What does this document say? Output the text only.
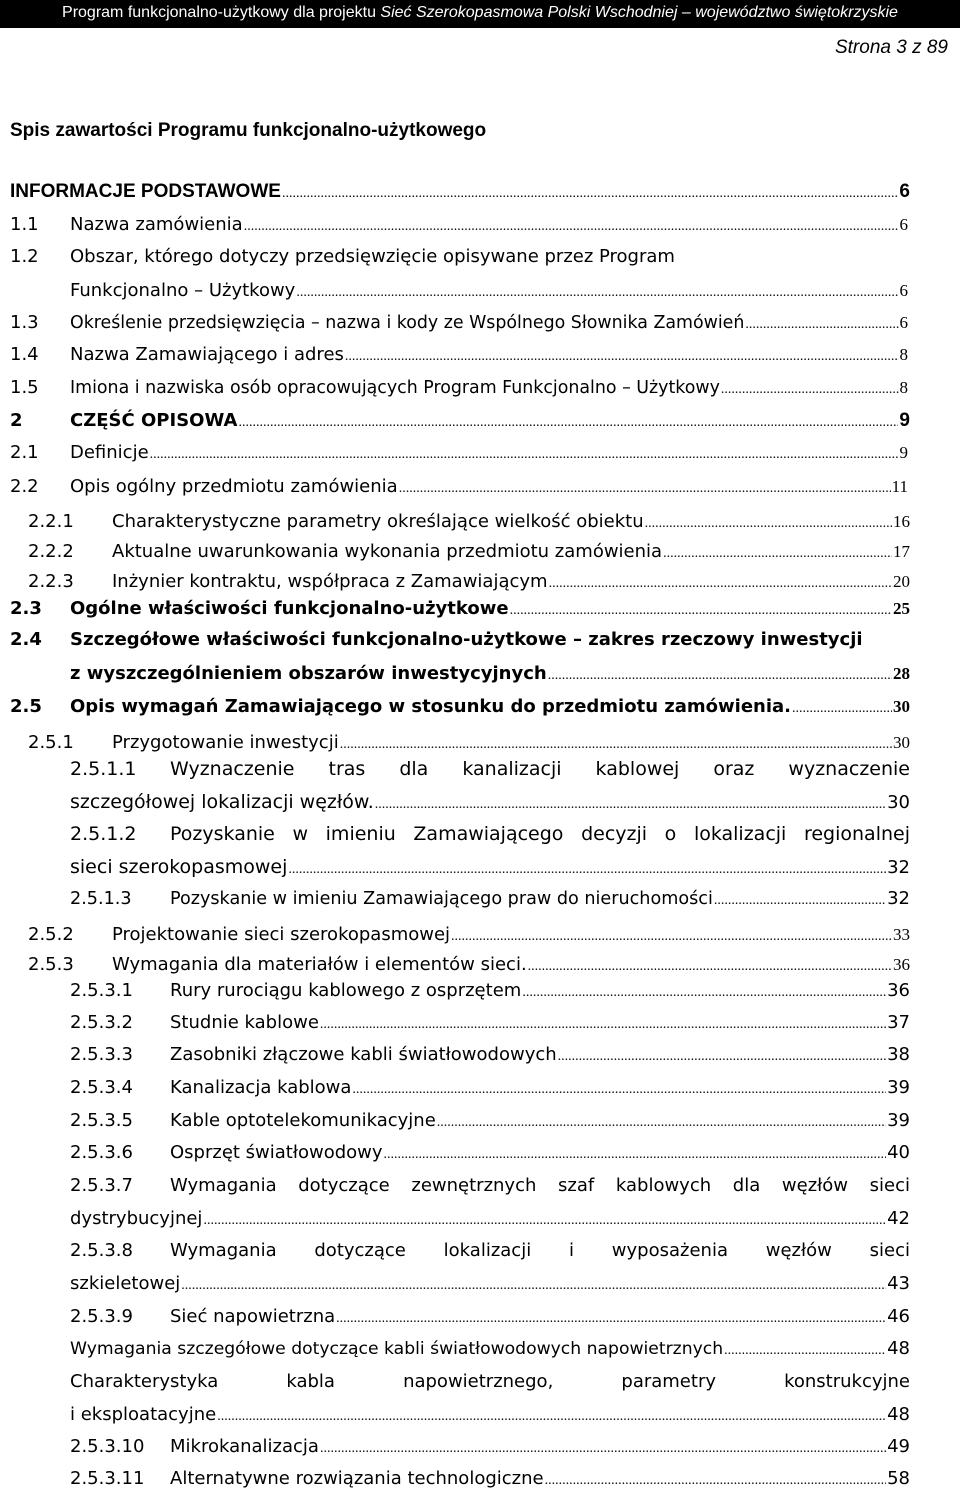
Program funkcjonalno-użytkowy dla projektu Sieć Szerokopasmowa Polski Wschodniej – województwo świętokrzyskie
Strona 3 z 89
Spis zawartości Programu funkcjonalno-użytkowego
INFORMACJE PODSTAWOWE .....	6
1.1	Nazwa zamówienia .....	6
1.2	Obszar, którego dotyczy przedsięwzięcie opisywane przez Program
Funkcjonalno – Użytkowy .....	6
1.3	Określenie przedsięwzięcia – nazwa i kody ze Wspólnego Słownika Zamówień .....	6
1.4	Nazwa Zamawiającego i adres .....	8
1.5	Imiona i nazwiska osób opracowujących Program Funkcjonalno – Użytkowy .....	8
2	CZĘŚĆ OPISOWA .....	9
2.1	Definicje .....	9
2.2	Opis ogólny przedmiotu zamówienia .....	11
2.2.1	Charakterystyczne parametry określające wielkość obiektu .....	16
2.2.2	Aktualne uwarunkowania wykonania przedmiotu zamówienia .....	17
2.2.3	Inżynier kontraktu, współpraca z Zamawiającym .....	20
2.3	Ogólne właściwości funkcjonalno-użytkowe .....	25
2.4	Szczegółowe właściwości funkcjonalno-użytkowe – zakres rzeczowy inwestycji
z wyszczególnieniem obszarów inwestycyjnych .....	28
2.5	Opis wymagań Zamawiającego w stosunku do przedmiotu zamówienia. .....	30
2.5.1	Przygotowanie inwestycji .....	30
2.5.1.1 Wyznaczenie tras dla kanalizacji kablowej oraz wyznaczenie
szczegółowej lokalizacji węzłów. .....	30
2.5.1.2 Pozyskanie w imieniu Zamawiającego decyzji o lokalizacji regionalnej
sieci szerokopasmowej .....	32
2.5.1.3	Pozyskanie w imieniu Zamawiającego praw do nieruchomości .....	32
2.5.2	Projektowanie sieci szerokopasmowej .....	33
2.5.3	Wymagania dla materiałów i elementów sieci. .....	36
2.5.3.1	Rury rurociągu kablowego z osprzętem .....	36
2.5.3.2	Studnie kablowe .....	37
2.5.3.3	Zasobniki złączowe kabli światłowodowych .....	38
2.5.3.4	Kanalizacja kablowa .....	39
2.5.3.5	Kable optotelekomunikacyjne .....	39
2.5.3.6	Osprzęt światłowodowy .....	40
2.5.3.7 Wymagania dotyczące zewnętrznych szaf kablowych dla węzłów sieci
dystrybucyjnej .....	42
2.5.3.8 Wymagania dotyczące lokalizacji i wyposażenia węzłów sieci
szkieletowej .....	43
2.5.3.9	Sieć napowietrzna .....	46
Wymagania szczegółowe dotyczące kabli światłowodowych napowietrznych .....	48
Charakterystyka kabla napowietrznego, parametry konstrukcyjne
i eksploatacyjne .....	48
2.5.3.10	Mikrokanalizacja .....	49
2.5.3.11	Alternatywne rozwiązania technologiczne .....	58
